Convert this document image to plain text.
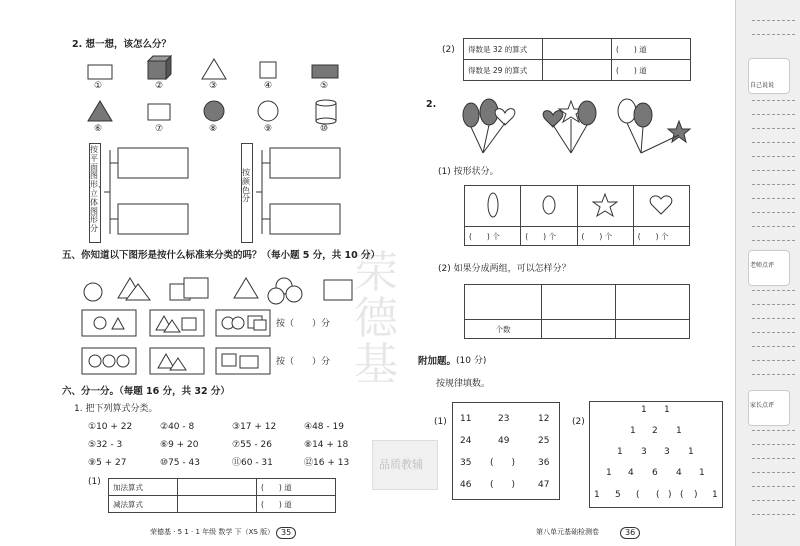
荣德基
品质教辅
2. 想一想，该怎么分？
①	②	③	④	⑤
⑥	⑦	⑧	⑨	⑩
按平面图形、立体图形分
按颜色分
五、你知道以下图形是按什么标准来分类的吗？（每小题 5 分，共 10 分）
按（　　）分
按（　　）分
六、分一分。（每题 16 分，共 32 分）
1. 把下列算式分类。
①10 + 22	②40 - 8	③17 + 12	④48 - 19
⑤32 - 3	⑥9 + 20	⑦55 - 26	⑧14 + 18
⑨5 + 27	⑩75 - 43	⑪60 - 31	⑫16 + 13
(1) 加法算式		(　　) 道
减法算式		(　　) 道
荣德基 · 5 1 · 1 年级 数学 下（XS 版） 35
(2) 得数是 32 的算式		(　　) 道
得数是 29 的算式		(　　) 道
2.
(1) 按形状分。

(　　) 个	(　　) 个	(　　) 个	(　　) 个
(2) 如果分成两组，可以怎样分？

个数		
附加题。 (10 分)
按规律填数。
(1) 11	23	12
24	49	25
35 (　　)	36
46 (　　)	47
(2)
1 1
1 2 1
1 3 3 1
1 4 6 4 1
1 5 ( ( ) ( ) 1
第八单元基础检测卷	36
自己说说
老师点评
家长点评
